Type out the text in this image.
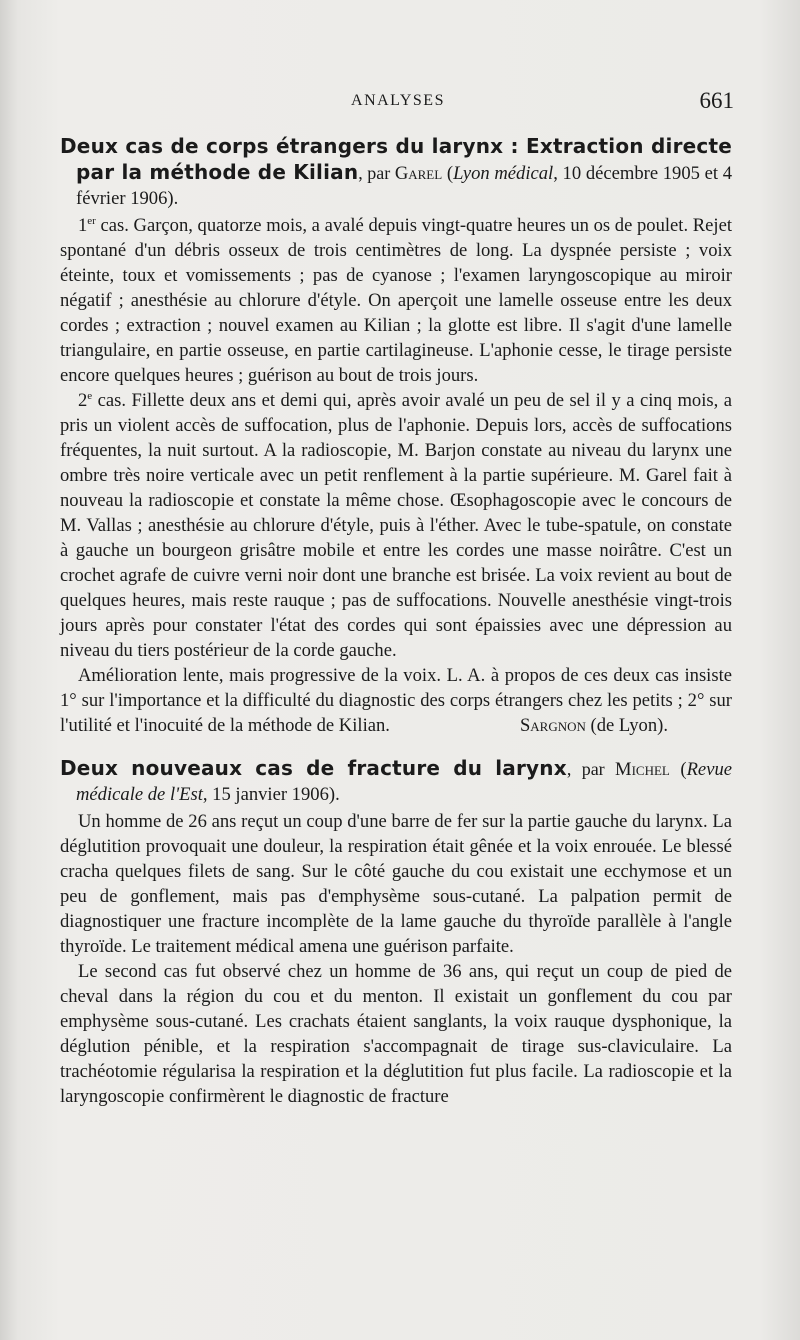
ANALYSES	661
Deux cas de corps étrangers du larynx : Extraction directe par la méthode de Kilian, par Garel (Lyon médical, 10 décembre 1905 et 4 février 1906).

1er cas. Garçon, quatorze mois, a avalé depuis vingt-quatre heures un os de poulet. Rejet spontané d'un débris osseux de trois centimètres de long. La dyspnée persiste ; voix éteinte, toux et vomissements ; pas de cyanose ; l'examen laryngoscopique au miroir négatif ; anesthésie au chlorure d'étyle. On aperçoit une lamelle osseuse entre les deux cordes ; extraction ; nouvel examen au Kilian ; la glotte est libre. Il s'agit d'une lamelle triangulaire, en partie osseuse, en partie cartilagineuse. L'aphonie cesse, le tirage persiste encore quelques heures ; guérison au bout de trois jours.

2e cas. Fillette deux ans et demi qui, après avoir avalé un peu de sel il y a cinq mois, a pris un violent accès de suffocation, plus de l'aphonie. Depuis lors, accès de suffocations fréquentes, la nuit surtout. A la radioscopie, M. Barjon constate au niveau du larynx une ombre très noire verticale avec un petit renflement à la partie supérieure. M. Garel fait à nouveau la radioscopie et constate la même chose. Œsophagoscopie avec le concours de M. Vallas ; anesthésie au chlorure d'étyle, puis à l'éther. Avec le tube-spatule, on constate à gauche un bourgeon grisâtre mobile et entre les cordes une masse noirâtre. C'est un crochet agrafe de cuivre verni noir dont une branche est brisée. La voix revient au bout de quelques heures, mais reste rauque ; pas de suffocations. Nouvelle anesthésie vingt-trois jours après pour constater l'état des cordes qui sont épaissies avec une dépression au niveau du tiers postérieur de la corde gauche.

Amélioration lente, mais progressive de la voix. L. A. à propos de ces deux cas insiste 1° sur l'importance et la difficulté du diagnostic des corps étrangers chez les petits ; 2° sur l'utilité et l'inocuité de la méthode de Kilian.	Sargnon (de Lyon).

Deux nouveaux cas de fracture du larynx, par Michel (Revue médicale de l'Est, 15 janvier 1906).

Un homme de 26 ans reçut un coup d'une barre de fer sur la partie gauche du larynx. La déglutition provoquait une douleur, la respiration était gênée et la voix enrouée. Le blessé cracha quelques filets de sang. Sur le côté gauche du cou existait une ecchymose et un peu de gonflement, mais pas d'emphysème sous-cutané. La palpation permit de diagnostiquer une fracture incomplète de la lame gauche du thyroïde parallèle à l'angle thyroïde. Le traitement médical amena une guérison parfaite.

Le second cas fut observé chez un homme de 36 ans, qui reçut un coup de pied de cheval dans la région du cou et du menton. Il existait un gonflement du cou par emphysème sous-cutané. Les crachats étaient sanglants, la voix rauque dysphonique, la déglution pénible, et la respiration s'accompagnait de tirage sus-claviculaire. La trachéotomie régularisa la respiration et la déglutition fut plus facile. La radioscopie et la laryngoscopie confirmèrent le diagnostic de fracture
